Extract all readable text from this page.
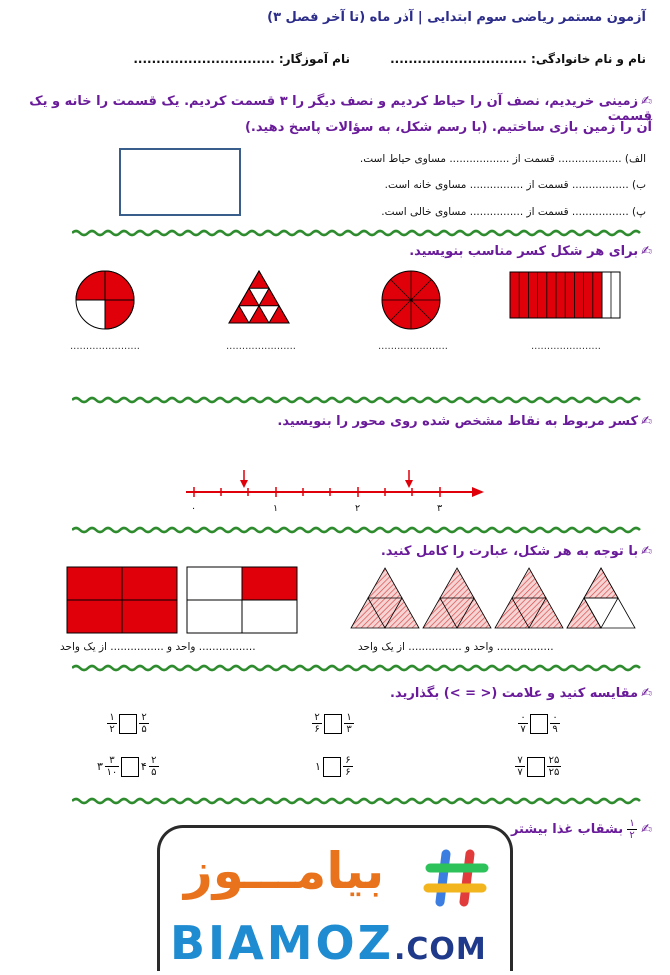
آزمون مستمر ریاضی سوم ابتدایی | آذر ماه (تا آخر فصل ۳)
نام و نام خانوادگی: ..............................
نام آموزگار: ...............................
✍زمینی خریدیم، نصف آن را حیاط کردیم و نصف دیگر را ۳ قسمت کردیم. یک قسمت را خانه و یک قسمت
آن را زمین بازی ساختیم. (با رسم شکل، به سؤالات پاسخ دهید.)
الف) ................... قسمت از .................. مساوی حیاط است.
ب) ................. قسمت از ................ مساوی خانه است.
پ) ................. قسمت از ................ مساوی خالی است.
✍برای هر شکل کسر مناسب بنویسید.
......................	......................	......................	......................
✍کسر مربوط به نقاط مشخص شده روی محور را بنویسید.
۰	۱	۲	۳
✍با توجه به هر شکل، عبارت را کامل کنید.
................. واحد و ................ از یک واحد	................. واحد و ................ از یک واحد
✍مقایسه کنید و علامت (< = >) بگذارید.
$\frac{۰}{۷} \frac{۰}{۹}$
$\frac{۲}{۶} \frac{۱}{۳}$
$\frac{۱}{۲} \frac{۲}{۵}$
$\frac{۷}{۷} \frac{۲۵}{۲۵}$
۱ $\frac{۶}{۶}$
۳ $\frac{۳}{۱۰}$ ۴ $\frac{۲}{۵}$
✍
$\frac{۱}{۲}$
بشقاب غذا بیشتر
بیامـــوز
BIAMOZ.COM
